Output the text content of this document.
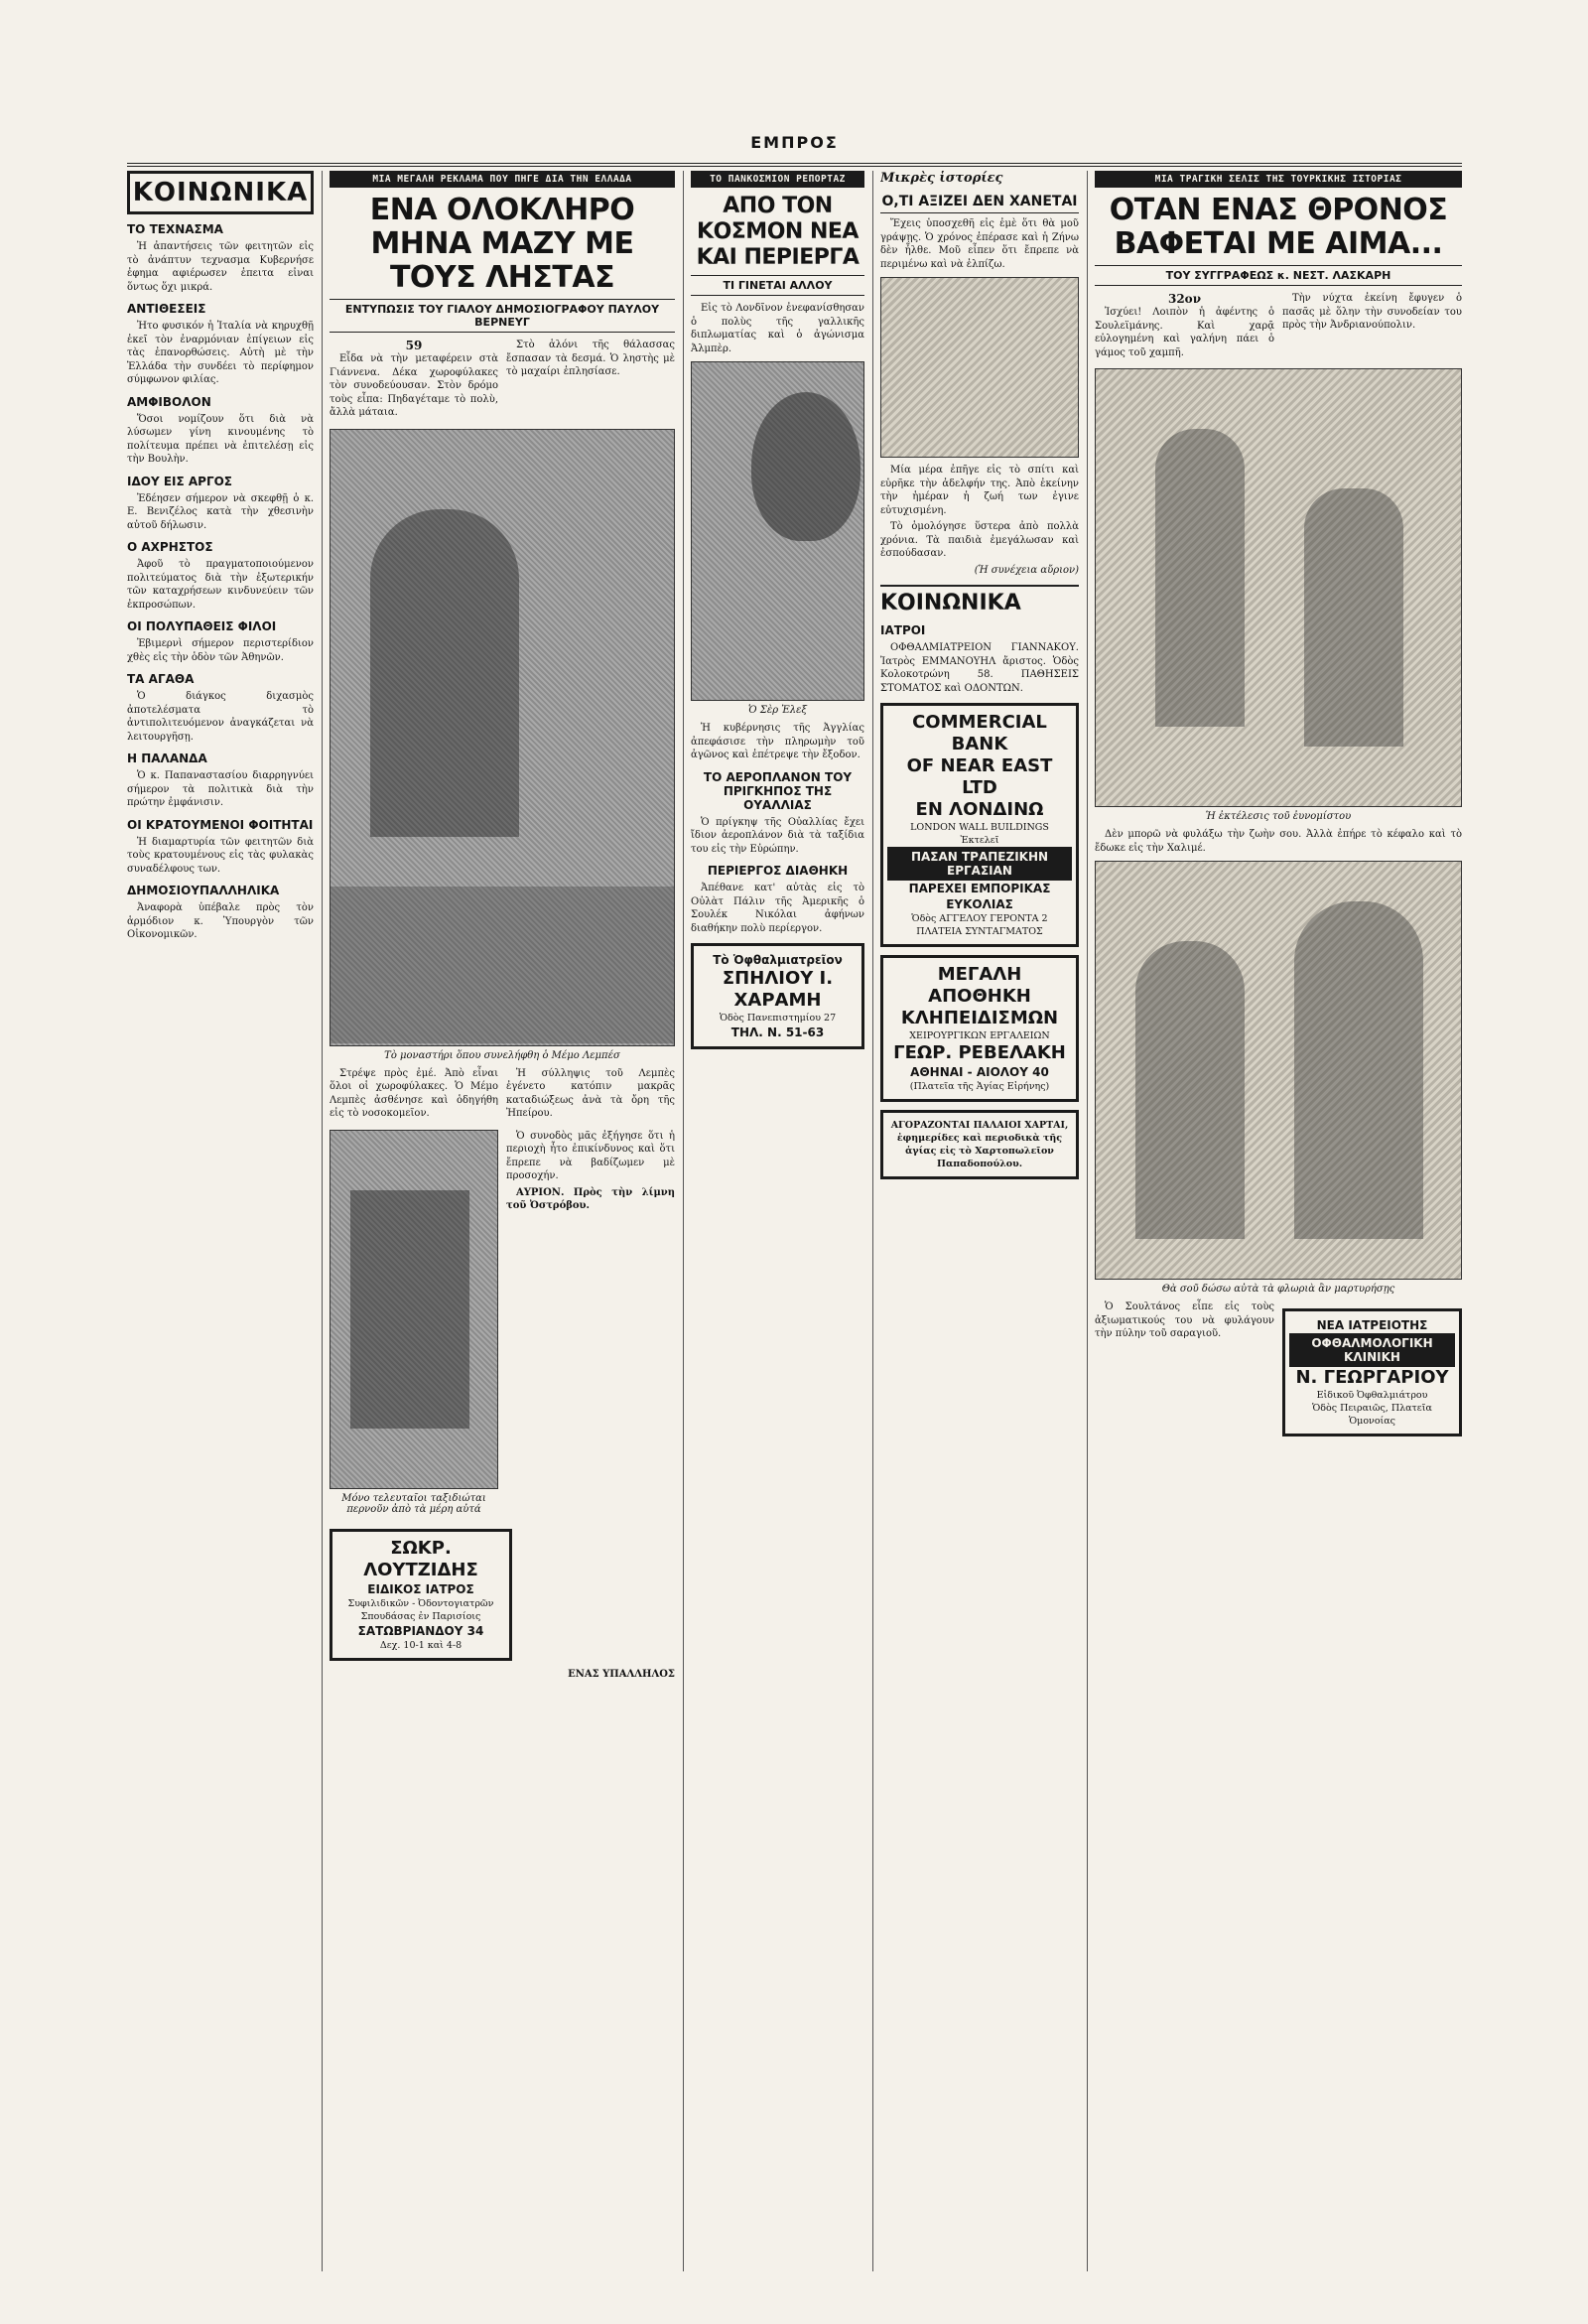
ΕΜΠΡΟΣ
ΚΟΙΝΩΝΙΚΑ
ΤΟ ΤΕΧΝΑΣΜΑ

Ἡ ἀπαντήσεις τῶν φειτητῶν εἰς τὸ ἀνάπτυν τεχνασμα Κυβερνήσε ἐφημα αφιέρωσεν ἐπειτα εἰναι ὅντως ὅχι μικρά.

ΑΝΤΙΘΕΣΕΙΣ

Ἠτο φυσικόν ἡ Ἰταλία νὰ κηρυχθῇ ἐκεῖ τὸν ἐναρμόνιαν ἐπίγειων εἰς τὰς ἐπανορθώσεις. Αὐτὴ μὲ τὴν Ἑλλάδα τὴν συνδέει τὸ περίφημον σύμφωνον φιλίας.

ΑΜΦΙΒΟΛΟΝ

Ὅσοι νομίζουν ὅτι διὰ νὰ λύσωμεν γίνη κινουμένης τὸ πολίτευμα πρέπει νὰ ἐπιτελέσῃ εἰς τὴν Βουλὴν.

ΙΔΟΥ ΕΙΣ ΑΡΓΟΣ

Ἐδέησεν σήμερον νὰ σκεφθῇ ὁ κ. Ε. Βενιζέλος κατὰ τὴν χθεσινὴν αὐτοῦ δήλωσιν.

Ο ΑΧΡΗΣΤΟΣ

Ἀφοῦ τὸ πραγματοποιούμενον πολιτεύματος διὰ τὴν ἐξωτερικήν τῶν καταχρήσεων κινδυνεύειν τῶν ἐκπροσώπων.

ΟΙ ΠΟΛΥΠΑΘΕΙΣ ΦΙΛΟΙ

Ἐβιμερνὶ σήμερον περιστερίδιον χθὲς εἰς τὴν ὁδὸν τῶν Ἀθηνῶν.

ΤΑ ΑΓΑΘΑ

Ὁ διάγκος διχασμὸς ἀποτελέσματα τὸ ἀντιπολιτευόμενον ἀναγκάζεται νὰ λειτουργῆσῃ.

Η ΠΑΛΑΝΔΑ

Ὁ κ. Παπαναστασίου διαρρηγνύει σήμερον τὰ πολιτικὰ διὰ τὴν πρώτην ἐμφάνισιν.

ΟΙ ΚΡΑΤΟΥΜΕΝΟΙ ΦΟΙΤΗΤΑΙ

Ἡ διαμαρτυρία τῶν φειτητῶν διὰ τοὺς κρατουμένους εἰς τὰς φυλακὰς συναδέλφους των.

ΔΗΜΟΣΙΟΥΠΑΛΛΗΛΙΚΑ

Ἀναφορὰ ὑπέβαλε πρὸς τὸν ἁρμόδιον κ. Ὑπουργὸν τῶν Οἰκονομικῶν.

ΜΙΑ ΜΕΓΑΛΗ ΡΕΚΛΑΜΑ ΠΟΥ ΠΗΓΕ ΔΙΑ ΤΗΝ ΕΛΛΑΔΑ
ΕΝΑ ΟΛΟΚΛΗΡΟ ΜΗΝΑ ΜΑΖΥ ΜΕ ΤΟΥΣ ΛΗΣΤΑΣ
ΕΝΤΥΠΩΣΙΣ ΤΟΥ ΓΙΑΛΟΥ ΔΗΜΟΣΙΟΓΡΑΦΟΥ ΠΑΥΛΟΥ ΒΕΡΝΕΥΓ
59

Εἶδα νὰ τὴν μεταφέρειν στὰ Γιάννενα. Δέκα χωροφύλακες τὸν συνοδεύουσαν. Στὸν δρόμο τοὺς εἶπα: Πηδαγέταμε τὸ πολὺ, ἄλλὰ μάταια.

Στὸ ἁλόνι τῆς θάλασσας ἔσπασαν τὰ δεσμά. Ὁ ληστὴς μὲ τὸ μαχαίρι ἐπλησίασε.

Τὸ μοναστήρι ὅπου συνελήφθη ὁ Μέμο Λεμπέσ

Στρέψε πρὸς ἐμέ. Ἀπὸ εἶναι ὅλοι οἱ χωροφύλακες. Ὁ Μέμο Λεμπὲς ἀσθένησε καὶ ὁδηγήθη εἰς τὸ νοσοκομεῖον.

Ἡ σύλληψις τοῦ Λεμπὲς ἐγένετο κατόπιν μακρᾶς καταδιώξεως ἀνὰ τὰ ὄρη τῆς Ἠπείρου.

Μόνο τελευταῖοι ταξιδιώται περνοῦν ἀπὸ τὰ μέρη αὐτά

Ὁ συνοδὸς μᾶς ἐξήγησε ὅτι ἡ περιοχὴ ἦτο ἐπικίνδυνος καὶ ὅτι ἔπρεπε νὰ βαδίζωμεν μὲ προσοχήν.

ΑΥΡΙΟΝ. Πρὸς τὴν λίμνη τοῦ Ὀστρόβου.

ΣΩΚΡ. ΛΟΥΤΖΙΔΗΣ
ΕΙΔΙΚΟΣ ΙΑΤΡΟΣ
Συφιλιδικῶν - Ὀδοντογιατρῶν
Σπουδάσας ἐν Παρισίοις
ΣΑΤΩΒΡΙΑΝΔΟΥ 34
Δεχ. 10-1 καὶ 4-8
ΕΝΑΣ ΥΠΑΛΛΗΛΟΣ
ΤΟ ΠΑΝΚΟΣΜΙΟΝ ΡΕΠΟΡΤΑΖ
ΑΠΟ ΤΟΝ ΚΟΣΜΟΝ ΝΕΑ ΚΑΙ ΠΕΡΙΕΡΓΑ
ΤΙ ΓΙΝΕΤΑΙ ΑΛΛΟΥ

Εἰς τὸ Λονδῖνον ἐνεφανίσθησαν ὁ πολὺς τῆς γαλλικῆς διπλωματίας καὶ ὁ ἀγώνισμα Ἀλμπὲρ.

Ὁ Σὲρ Ἐλεξ

Ἡ κυβέρνησις τῆς Ἀγγλίας ἀπεφάσισε τὴν πληρωμὴν τοῦ ἀγῶνος καὶ ἐπέτρεψε τὴν ἔξοδον.

ΤΟ ΑΕΡΟΠΛΑΝΟΝ ΤΟΥ ΠΡΙΓΚΗΠΟΣ ΤΗΣ ΟΥΑΛΛΙΑΣ

Ὁ πρίγκηψ τῆς Οὐαλλίας ἔχει ἴδιον ἀεροπλάνον διὰ τὰ ταξίδια του εἰς τὴν Εὐρώπην.

ΠΕΡΙΕΡΓΟΣ ΔΙΑΘΗΚΗ

Ἀπέθανε κατ' αὐτὰς εἰς τὸ Οὐλὰτ Πάλιν τῆς Ἀμερικῆς ὁ Σουλέκ Νικόλαι ἀφήνων διαθήκην πολὺ περίεργον.

Τὸ Ὀφθαλμιατρεῖον
ΣΠΗΛΙΟΥ Ι. ΧΑΡΑΜΗ
Ὁδὸς Πανεπιστημίου 27
ΤΗΛ. Ν. 51-63
Μικρὲς ἱστορίες
Ο,ΤΙ ΑΞΙΖΕΙ ΔΕΝ ΧΑΝΕΤΑΙ

Ἔχεις ὑποσχεθῆ εἰς ἐμὲ ὅτι θὰ μοῦ γράψῃς. Ὁ χρόνος ἐπέρασε καὶ ἡ Ζήνω δὲν ἦλθε. Μοῦ εἶπεν ὅτι ἔπρεπε νὰ περιμένω καὶ νὰ ἐλπίζω.

Μία μέρα ἐπῆγε εἰς τὸ σπίτι καὶ εὑρῆκε τὴν ἀδελφήν της. Ἀπὸ ἐκείνην τὴν ἡμέραν ἡ ζωή των ἐγινε εὐτυχισμένη.

Τὸ ὁμολόγησε ὕστερα ἀπὸ πολλὰ χρόνια. Τὰ παιδιὰ ἐμεγάλωσαν καὶ ἐσπούδασαν.

(Ἡ συνέχεια αὔριον)

ΚΟΙΝΩΝΙΚΑ
ΙΑΤΡΟΙ

ΟΦΘΑΛΜΙΑΤΡΕΙΟΝ ΓΙΑΝΝΑΚΟΥ. Ἰατρὸς ΕΜΜΑΝΟΥΗΛ ἄριστος. Ὁδὸς Κολοκοτρώνη 58. ΠΑΘΗΣΕΙΣ ΣΤΟΜΑΤΟΣ καὶ ΟΔΟΝΤΩΝ.

COMMERCIAL BANK
OF NEAR EAST LTD
ΕΝ ΛΟΝΔΙΝΩ
LONDON WALL BUILDINGS
Ἐκτελεῖ
ΠΑΣΑΝ ΤΡΑΠΕΖΙΚΗΝ ΕΡΓΑΣΙΑΝ
ΠΑΡΕΧΕΙ ΕΜΠΟΡΙΚΑΣ ΕΥΚΟΛΙΑΣ
Ὁδὸς ΑΓΓΕΛΟΥ ΓΕΡΟΝΤΑ 2
ΠΛΑΤΕΙΑ ΣΥΝΤΑΓΜΑΤΟΣ
ΜΕΓΑΛΗ ΑΠΟΘΗΚΗ
ΚΛΗΠΕΙΔΙΣΜΩΝ
ΧΕΙΡΟΥΡΓΙΚΩΝ ΕΡΓΑΛΕΙΩΝ
ΓΕΩΡ. ΡΕΒΕΛΑΚΗ
ΑΘΗΝΑΙ - ΑΙΟΛΟΥ 40
(Πλατεῖα τῆς Ἁγίας Εἰρήνης)
ΑΓΟΡΑΖΟΝΤΑΙ ΠΑΛΑΙΟΙ ΧΑΡΤΑΙ, ἐφημερίδες καὶ περιοδικὰ τῆς ἁγίας εἰς τὸ Χαρτοπωλεῖον Παπαδοπούλου.
ΜΙΑ ΤΡΑΓΙΚΗ ΣΕΛΙΣ ΤΗΣ ΤΟΥΡΚΙΚΗΣ ΙΣΤΟΡΙΑΣ
ΟΤΑΝ ΕΝΑΣ ΘΡΟΝΟΣ ΒΑΦΕΤΑΙ ΜΕ ΑΙΜΑ...
ΤΟΥ ΣΥΓΓΡΑΦΕΩΣ κ. ΝΕΣΤ. ΛΑΣΚΑΡΗ
32ον

Ἰσχύει! Λοιπὸν ἡ ἀφέντης ὁ Σουλεϊμάνης. Καὶ χαρᾷ εὐλογημένη καὶ γαλήνη πάει ὁ γάμος τοῦ χαμπῆ.

Τὴν νύχτα ἐκείνη ἔφυγεν ὁ πασᾶς μὲ ὅλην τὴν συνοδείαν του πρὸς τὴν Ἀνδριανούπολιν.

Ἡ ἐκτέλεσις τοῦ ἐυνομίστου

Δὲν μπορῶ νὰ φυλάξω τὴν ζωὴν σου. Ἀλλὰ ἐπήρε τὸ κέφαλο καὶ τὸ ἔδωκε εἰς τὴν Χαλιμέ.

Θὰ σοῦ δώσω αὐτὰ τὰ φλωριὰ ἂν μαρτυρήσῃς

Ὁ Σουλτάνος εἶπε εἰς τοὺς ἀξιωματικούς του νὰ φυλάγουν τὴν πύλην τοῦ σαραγιοῦ.

ΝΕΑ ΙΑΤΡΕΙΟΤΗΣ
ΟΦΘΑΛΜΟΛΟΓΙΚΗ ΚΛΙΝΙΚΗ
Ν. ΓΕΩΡΓΑΡΙΟΥ
Εἰδικοῦ Ὀφθαλμιάτρου
Ὁδὸς Πειραιῶς, Πλατεῖα Ὁμονοίας
